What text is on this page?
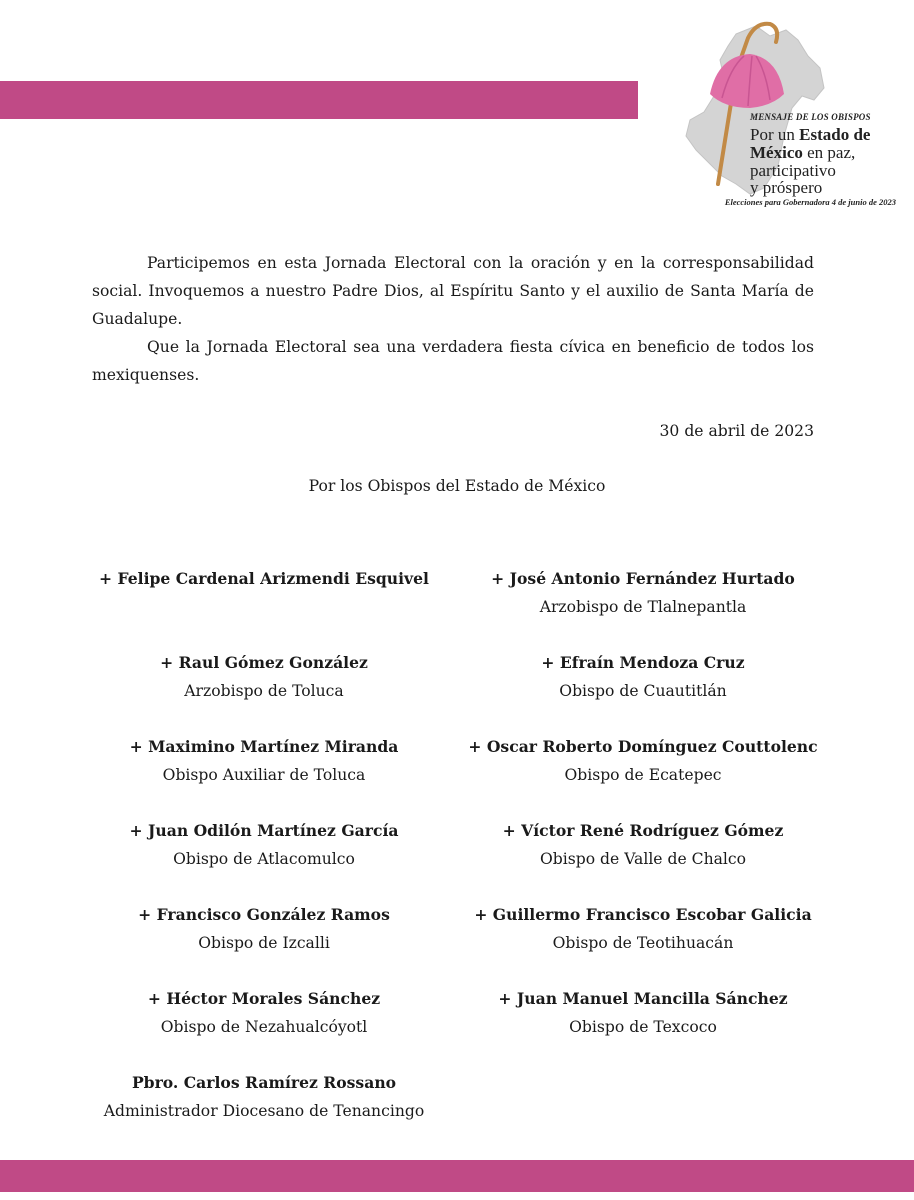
MENSAJE DE LOS OBISPOS
Por un Estado de
México en paz,
participativo
y próspero
Elecciones para Gobernadora 4 de junio de 2023

Participemos en esta Jornada Electoral con la oración y en la corresponsabilidad social. Invoquemos a nuestro Padre Dios, al Espíritu Santo y el auxilio de Santa María de Guadalupe.

Que la Jornada Electoral sea una verdadera fiesta cívica en beneficio de todos los mexiquenses.

30 de abril de 2023
Por los Obispos del Estado de México
+ Felipe Cardenal Arizmendi Esquivel
+ Raul Gómez González
Arzobispo de Toluca
+ Maximino Martínez Miranda
Obispo Auxiliar de Toluca
+ Juan Odilón Martínez García
Obispo de Atlacomulco
+ Francisco González Ramos
Obispo de Izcalli
+ Héctor Morales Sánchez
Obispo de Nezahualcóyotl
Pbro. Carlos Ramírez Rossano
Administrador Diocesano de Tenancingo
+ José Antonio Fernández Hurtado
Arzobispo de Tlalnepantla
+ Efraín Mendoza Cruz
Obispo de Cuautitlán
+ Oscar Roberto Domínguez Couttolenc
Obispo de Ecatepec
+ Víctor René Rodríguez Gómez
Obispo de Valle de Chalco
+ Guillermo Francisco Escobar Galicia
Obispo de Teotihuacán
+ Juan Manuel Mancilla Sánchez
Obispo de Texcoco
